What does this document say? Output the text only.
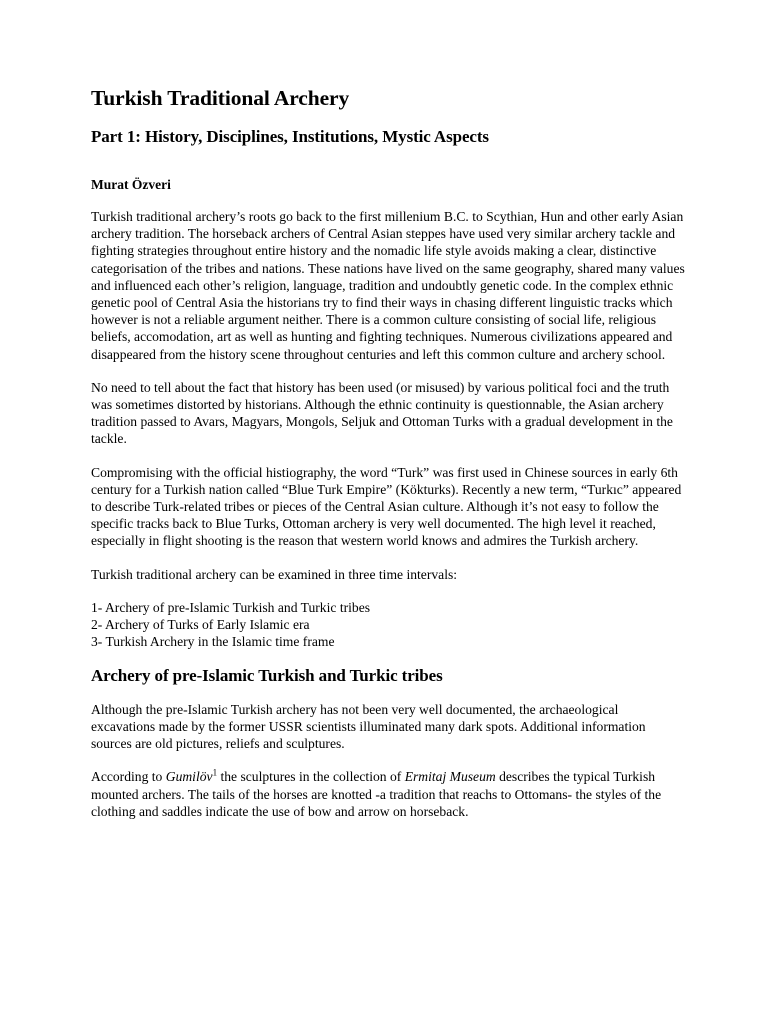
Turkish Traditional Archery
Part 1: History, Disciplines, Institutions, Mystic Aspects
Murat Özveri

Turkish traditional archery’s roots go back to the first millenium B.C. to Scythian, Hun and other early Asian archery tradition. The horseback archers of Central Asian steppes have used very similar archery tackle and fighting strategies throughout entire history and the nomadic life style avoids making a clear, distinctive categorisation of the tribes and nations. These nations have lived on the same geography, shared many values and influenced each other’s religion, language, tradition and undoubtly genetic code. In the complex ethnic genetic pool of Central Asia the historians try to find their ways in chasing different linguistic tracks which however is not a reliable argument neither. There is a common culture consisting of social life, religious beliefs, accomodation, art as well as hunting and fighting techniques. Numerous civilizations appeared and disappeared from the history scene throughout centuries and left this common culture and archery school.

No need to tell about the fact that history has been used (or misused) by various political foci and the truth was sometimes distorted by historians. Although the ethnic continuity is questionnable, the Asian archery tradition passed to Avars, Magyars, Mongols, Seljuk and Ottoman Turks with a gradual development in the tackle.

Compromising with the official histiography, the word “Turk” was first used in Chinese sources in early 6th century for a Turkish nation called “Blue Turk Empire” (Kökturks). Recently a new term, “Turkıc” appeared to describe Turk-related tribes or pieces of the Central Asian culture. Although it’s not easy to follow the specific tracks back to Blue Turks, Ottoman archery is very well documented. The high level it reached, especially in flight shooting is the reason that western world knows and admires the Turkish archery.

Turkish traditional archery can be examined in three time intervals:

1- Archery of pre-Islamic Turkish and Turkic tribes
2- Archery of Turks of Early Islamic era
3- Turkish Archery in the Islamic time frame
Archery of pre-Islamic Turkish and Turkic tribes

Although the pre-Islamic Turkish archery has not been very well documented, the archaeological excavations made by the former USSR scientists illuminated many dark spots. Additional information sources are old pictures, reliefs and sculptures.

According to Gumilöv$^1$ the sculptures in the collection of Ermitaj Museum describes the typical Turkish mounted archers. The tails of the horses are knotted -a tradition that reachs to Ottomans- the styles of the clothing and saddles indicate the use of bow and arrow on horseback.
